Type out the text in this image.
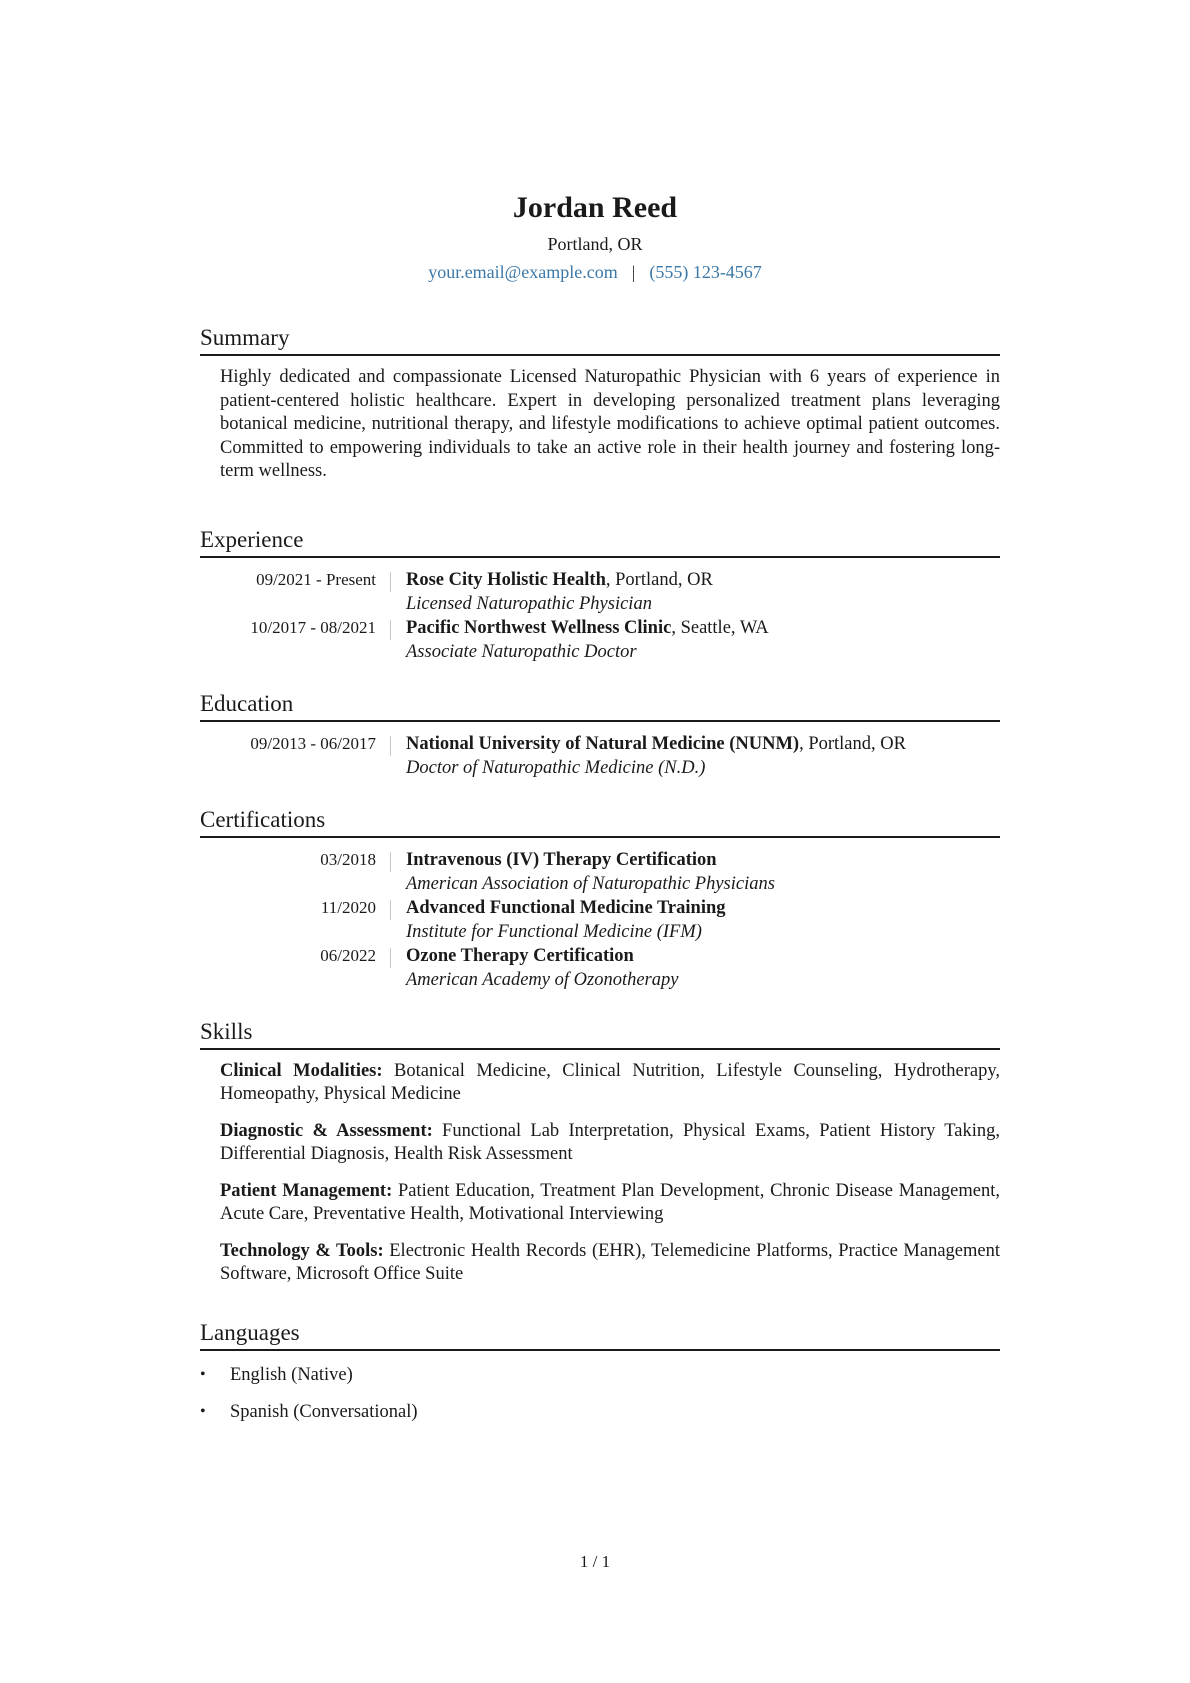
Jordan Reed
Portland, OR
your.email@example.com | (555) 123-4567
Summary
Highly dedicated and compassionate Licensed Naturopathic Physician with 6 years of experience in patient-centered holistic healthcare. Expert in developing personalized treatment plans leveraging botanical medicine, nutritional therapy, and lifestyle modifications to achieve optimal patient outcomes. Committed to empowering individuals to take an active role in their health journey and fostering long-term wellness.
Experience
09/2021 - Present	Rose City Holistic Health, Portland, OR
Licensed Naturopathic Physician
10/2017 - 08/2021	Pacific Northwest Wellness Clinic, Seattle, WA
Associate Naturopathic Doctor
Education
09/2013 - 06/2017	National University of Natural Medicine (NUNM), Portland, OR
Doctor of Naturopathic Medicine (N.D.)
Certifications
03/2018	Intravenous (IV) Therapy Certification
American Association of Naturopathic Physicians
11/2020	Advanced Functional Medicine Training
Institute for Functional Medicine (IFM)
06/2022	Ozone Therapy Certification
American Academy of Ozonotherapy
Skills
Clinical Modalities: Botanical Medicine, Clinical Nutrition, Lifestyle Counseling, Hydrotherapy, Homeopathy, Physical Medicine
Diagnostic & Assessment: Functional Lab Interpretation, Physical Exams, Patient History Taking, Differential Diagnosis, Health Risk Assessment
Patient Management: Patient Education, Treatment Plan Development, Chronic Disease Management, Acute Care, Preventative Health, Motivational Interviewing
Technology & Tools: Electronic Health Records (EHR), Telemedicine Platforms, Practice Management Software, Microsoft Office Suite
Languages
• English (Native)
• Spanish (Conversational)
1 / 1
